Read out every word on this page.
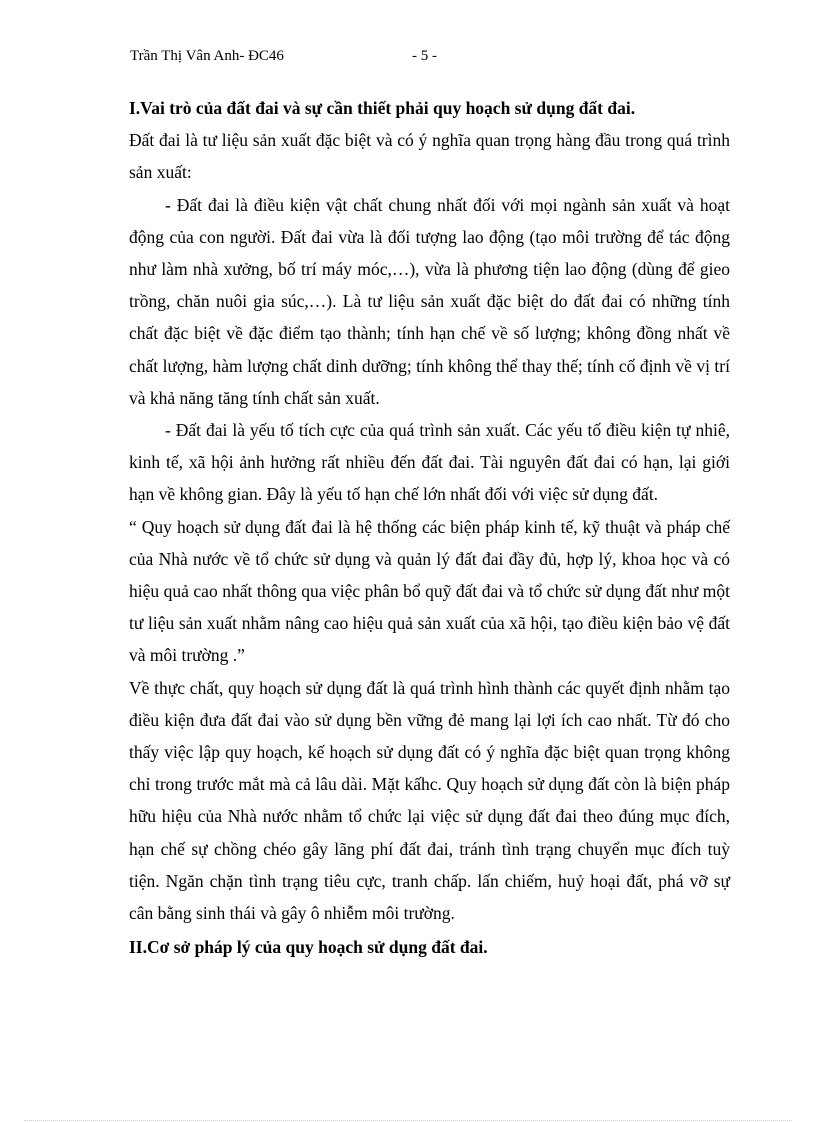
Trần Thị Vân Anh- ĐC46	- 5 -

I.Vai trò của đất đai và sự cần thiết phải quy hoạch sử dụng đất đai.

Đất đai là tư liệu sản xuất đặc biệt và có ý nghĩa quan trọng hàng đầu trong quá trình sản xuất:

- Đất đai là điều kiện vật chất chung nhất đối với mọi ngành sản xuất và hoạt động của con người. Đất đai vừa là đối tượng lao động (tạo môi trường để tác động như làm nhà xưởng, bố trí máy móc,…), vừa là phương tiện lao động (dùng để gieo trồng, chăn nuôi gia súc,…). Là tư liệu sản xuất đặc biệt do đất đai có những tính chất đặc biệt về đặc điểm tạo thành; tính hạn chế về số lượng; không đồng nhất về chất lượng, hàm lượng chất dinh dưỡng; tính không thể thay thế; tính cố định về vị trí và khả năng tăng tính chất sản xuất.

- Đất đai là yếu tố tích cực của quá trình sản xuất. Các yếu tố điều kiện tự nhiê, kinh tế, xã hội ảnh hưởng rất nhiều đến đất đai. Tài nguyên đất đai có hạn, lại giới hạn về không gian. Đây là yếu tố hạn chế lớn nhất đối với việc sử dụng đất.

“ Quy hoạch sử dụng đất đai là hệ thống các biện pháp kinh tế, kỹ thuật và pháp chế của Nhà nước về tổ chức sử dụng và quản lý đất đai đầy đủ, hợp lý, khoa học và có hiệu quả cao nhất thông qua việc phân bổ quỹ đất đai và tổ chức sử dụng đất như một tư liệu sản xuất nhằm nâng cao hiệu quả sản xuất của xã hội, tạo điều kiện bảo vệ đất và môi trường .”

Về thực chất, quy hoạch sử dụng đất là quá trình hình thành các quyết định nhằm tạo điều kiện đưa đất đai vào sử dụng bền vững đẻ mang lại lợi ích cao nhất. Từ đó cho thấy việc lập quy hoạch, kế hoạch sử dụng đất có ý nghĩa đặc biệt quan trọng không chỉ trong trước mắt mà cả lâu dài. Mặt kấhc. Quy hoạch sử dụng đất còn là biện pháp hữu hiệu của Nhà nước nhằm tổ chức lại việc sử dụng đất đai theo đúng mục đích, hạn chế sự chồng chéo gây lãng phí đất đai, tránh tình trạng chuyển mục đích tuỳ tiện. Ngăn chặn tình trạng tiêu cực, tranh chấp. lấn chiếm, huỷ hoại đất, phá vỡ sự cân bằng sinh thái và gây ô nhiễm môi trường.

II.Cơ sở pháp lý của quy hoạch sử dụng đất đai.
